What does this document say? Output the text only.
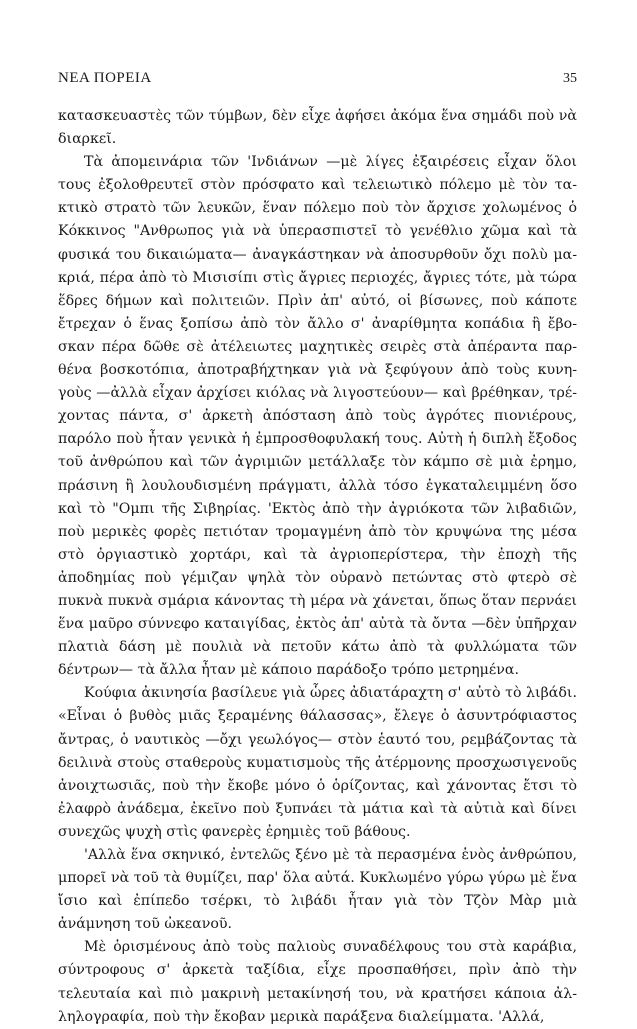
ΝΕΑ ΠΟΡΕΙΑ	35

κατασκευαστὲς τῶν τύμβων, δὲν εἶχε ἀφήσει ἀκόμα ἕνα σημάδι ποὺ νὰ διαρκεῖ.

Τὰ ἀπομεινάρια τῶν 'Ινδιάνων —μὲ λίγες ἐξαιρέσεις εἶχαν ὅλοι τους ἐξολοθρευτεῖ στὸν πρόσφατο καὶ τελειωτικὸ πόλεμο μὲ τὸν τακτικὸ στρατὸ τῶν λευκῶν, ἕναν πόλεμο ποὺ τὸν ἄρχισε χολωμένος ὁ Κόκκινος "Ανθρωπος γιὰ νὰ ὑπερασπιστεῖ τὸ γενέθλιο χῶμα καὶ τὰ φυσικά του δικαιώματα— ἀναγκάστηκαν νὰ ἀποσυρθοῦν ὄχι πολὺ μακριά, πέρα ἀπὸ τὸ Μισισίπι στὶς ἄγριες περιοχές, ἄγριες τότε, μὰ τώρα ἕδρες δήμων καὶ πολιτειῶν. Πρὶν ἀπ' αὐτό, οἱ βίσωνες, ποὺ κάποτε ἔτρεχαν ὁ ἕνας ξοπίσω ἀπὸ τὸν ἄλλο σ' ἀναρίθμητα κοπάδια ἢ ἔβοσκαν πέρα δῶθε σὲ ἀτέλειωτες μαχητικὲς σειρὲς στὰ ἀπέραντα παρθένα βοσκοτόπια, ἀποτραβήχτηκαν γιὰ νὰ ξεφύγουν ἀπὸ τοὺς κυνηγοὺς —ἀλλὰ εἶχαν ἀρχίσει κιόλας νὰ λιγοστεύουν— καὶ βρέθηκαν, τρέχοντας πάντα, σ' ἀρκετὴ ἀπόσταση ἀπὸ τοὺς ἀγρότες πιονιέρους, παρόλο ποὺ ἦταν γενικὰ ἡ ἐμπροσθοφυλακή τους. Αὐτὴ ἡ διπλὴ ἔξοδος τοῦ ἀνθρώπου καὶ τῶν ἀγριμιῶν μετάλλαξε τὸν κάμπο σὲ μιὰ ἐρημο, πράσινη ἢ λουλουδισμένη πράγματι, ἀλλὰ τόσο ἐγκαταλειμμένη ὅσο καὶ τὸ "Ομπι τῆς Σιβηρίας. 'Εκτὸς ἀπὸ τὴν ἀγριόκοτα τῶν λιβαδιῶν, ποὺ μερικὲς φορὲς πετιόταν τρομαγμένη ἀπὸ τὸν κρυψώνα της μέσα στὸ ὀργιαστικὸ χορτάρι, καὶ τὰ ἀγριοπερίστερα, τὴν ἐποχὴ τῆς ἀποδημίας ποὺ γέμιζαν ψηλὰ τὸν οὐρανὸ πετώντας στὸ φτερὸ σὲ πυκνὰ πυκνὰ σμάρια κάνοντας τὴ μέρα νὰ χάνεται, ὅπως ὅταν περνάει ἕνα μαῦρο σύννεφο καταιγίδας, ἐκτὸς ἀπ' αὐτὰ τὰ ὄντα —δὲν ὑπῆρχαν πλατιὰ δάση μὲ πουλιὰ νὰ πετοῦν κάτω ἀπὸ τὰ φυλλώματα τῶν δέντρων— τὰ ἄλλα ἦταν μὲ κάποιο παράδοξο τρόπο μετρημένα.

Κούφια ἀκινησία βασίλευε γιὰ ὧρες ἀδιατάραχτη σ' αὐτὸ τὸ λιβάδι. «Εἶναι ὁ βυθὸς μιᾶς ξεραμένης θάλασσας», ἔλεγε ὁ ἀσυντρόφιαστος ἄντρας, ὁ ναυτικὸς —ὄχι γεωλόγος— στὸν ἑαυτό του, ρεμβάζοντας τὰ δειλινὰ στοὺς σταθεροὺς κυματισμοὺς τῆς ἀτέρμονης προσχωσιγενοῦς ἀνοιχτωσιᾶς, ποὺ τὴν ἔκοβε μόνο ὁ ὁρίζοντας, καὶ χάνοντας ἔτσι τὸ ἐλαφρὸ ἀνάδεμα, ἐκεῖνο ποὺ ξυπνάει τὰ μάτια καὶ τὰ αὐτιὰ καὶ δίνει συνεχῶς ψυχὴ στὶς φανερὲς ἐρημιὲς τοῦ βάθους.

'Αλλὰ ἕνα σκηνικό, ἐντελῶς ξένο μὲ τὰ περασμένα ἑνὸς ἀνθρώπου, μπορεῖ νὰ τοῦ τὰ θυμίζει, παρ' ὅλα αὐτά. Κυκλωμένο γύρω γύρω μὲ ἕνα ἴσιο καὶ ἐπίπεδο τσέρκι, τὸ λιβάδι ἦταν γιὰ τὸν Τζὸν Μὰρ μιὰ ἀνάμνηση τοῦ ὠκεανοῦ.

Μὲ ὁρισμένους ἀπὸ τοὺς παλιοὺς συναδέλφους του στὰ καράβια, σύντροφους σ' ἀρκετὰ ταξίδια, εἶχε προσπαθήσει, πρὶν ἀπὸ τὴν τελευταία καὶ πιὸ μακρινὴ μετακίνησή του, νὰ κρατήσει κάποια ἀλληλογραφία, ποὺ τὴν ἔκοβαν μερικὰ παράξενα διαλείμματα. 'Αλλά,
